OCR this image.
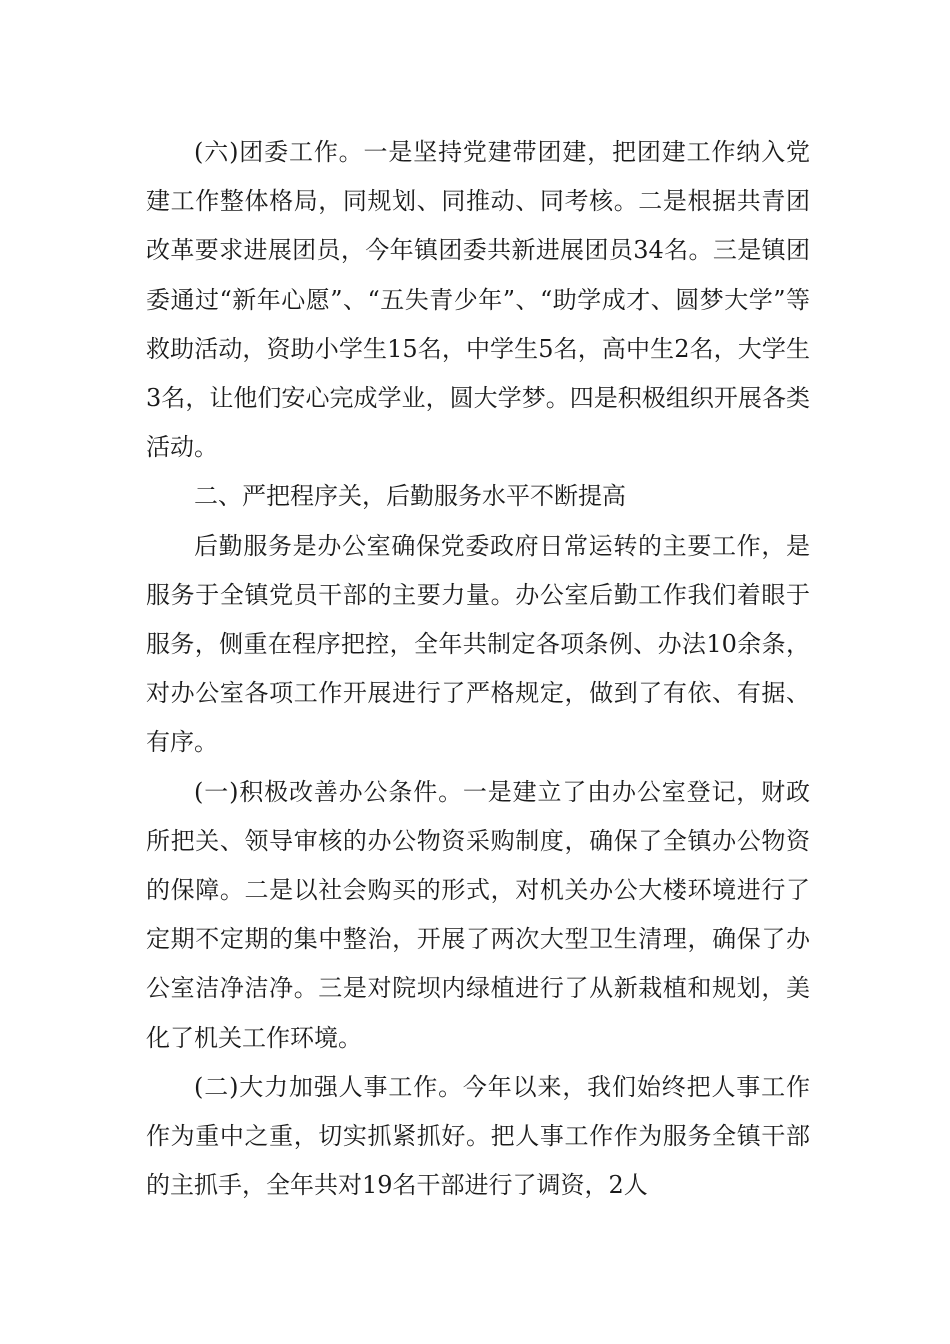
(六)团委工作。一是坚持党建带团建，把团建工作纳入党建工作整体格局，同规划、同推动、同考核。二是根据共青团改革要求进展团员，今年镇团委共新进展团员34名。三是镇团委通过“新年心愿”、“五失青少年”、“助学成才、圆梦大学”等救助活动，资助小学生15名，中学生5名，高中生2名，大学生3名，让他们安心完成学业，圆大学梦。四是积极组织开展各类活动。

二、严把程序关，后勤服务水平不断提高

后勤服务是办公室确保党委政府日常运转的主要工作，是服务于全镇党员干部的主要力量。办公室后勤工作我们着眼于服务，侧重在程序把控，全年共制定各项条例、办法10余条，对办公室各项工作开展进行了严格规定，做到了有依、有据、有序。

(一)积极改善办公条件。一是建立了由办公室登记，财政所把关、领导审核的办公物资采购制度，确保了全镇办公物资的保障。二是以社会购买的形式，对机关办公大楼环境进行了定期不定期的集中整治，开展了两次大型卫生清理，确保了办公室洁净洁净。三是对院坝内绿植进行了从新栽植和规划，美化了机关工作环境。

(二)大力加强人事工作。今年以来，我们始终把人事工作作为重中之重，切实抓紧抓好。把人事工作作为服务全镇干部的主抓手，全年共对19名干部进行了调资，2人
